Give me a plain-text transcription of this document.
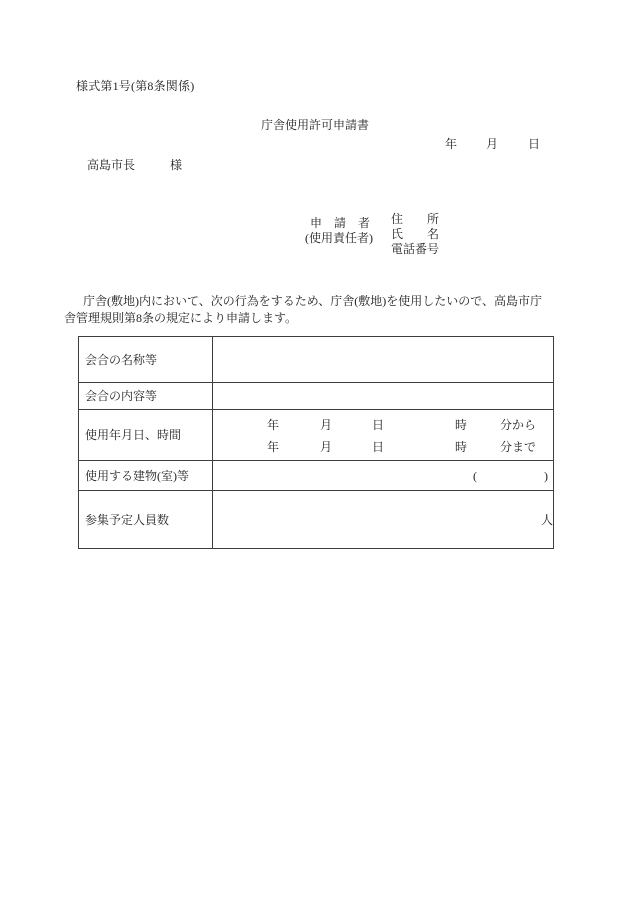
様式第1号(第8条関係)
庁舎使用許可申請書
年 月	日
高島市長	様
申　請　者
(使用責任者)
住　　所
氏　　名
電話番号
庁舎(敷地)内において、次の行為をするため、庁舎(敷地)を使用したいので、高島市庁
舎管理規則第8条の規定により申請します。
会合の名称等	
会合の内容等	
使用年月日、時間	
年	月	日	時	分から
年	月	日	時	分まで

使用する建物(室)等	( )

参集予定人員数	人
